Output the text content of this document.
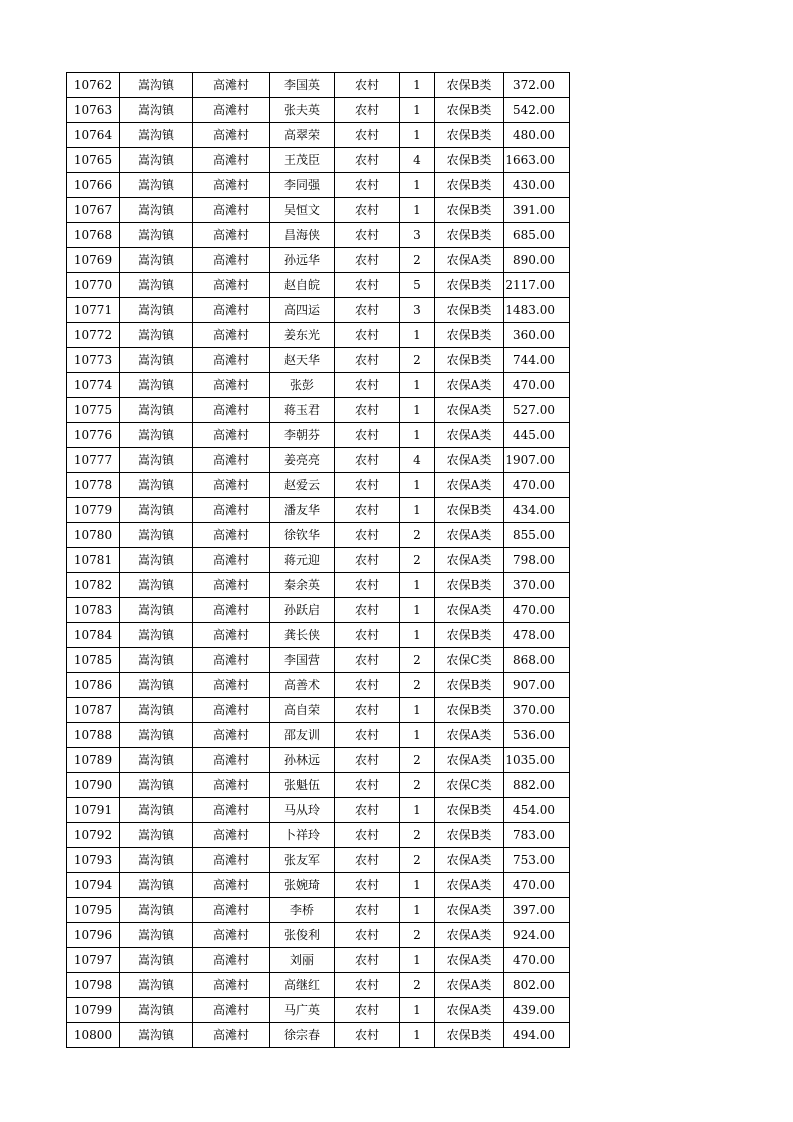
10762	嵩沟镇	高滩村	李国英	农村	1	农保B类	372.00
10763	嵩沟镇	高滩村	张夫英	农村	1	农保B类	542.00
10764	嵩沟镇	高滩村	高翠荣	农村	1	农保B类	480.00
10765	嵩沟镇	高滩村	王茂臣	农村	4	农保B类	1663.00
10766	嵩沟镇	高滩村	李同强	农村	1	农保B类	430.00
10767	嵩沟镇	高滩村	吴恒文	农村	1	农保B类	391.00
10768	嵩沟镇	高滩村	昌海侠	农村	3	农保B类	685.00
10769	嵩沟镇	高滩村	孙远华	农村	2	农保A类	890.00
10770	嵩沟镇	高滩村	赵自皖	农村	5	农保B类	2117.00
10771	嵩沟镇	高滩村	高四运	农村	3	农保B类	1483.00
10772	嵩沟镇	高滩村	姜东光	农村	1	农保B类	360.00
10773	嵩沟镇	高滩村	赵天华	农村	2	农保B类	744.00
10774	嵩沟镇	高滩村	张彭	农村	1	农保A类	470.00
10775	嵩沟镇	高滩村	蒋玉君	农村	1	农保A类	527.00
10776	嵩沟镇	高滩村	李朝芬	农村	1	农保A类	445.00
10777	嵩沟镇	高滩村	姜亮亮	农村	4	农保A类	1907.00
10778	嵩沟镇	高滩村	赵爱云	农村	1	农保A类	470.00
10779	嵩沟镇	高滩村	潘友华	农村	1	农保B类	434.00
10780	嵩沟镇	高滩村	徐钦华	农村	2	农保A类	855.00
10781	嵩沟镇	高滩村	蒋元迎	农村	2	农保A类	798.00
10782	嵩沟镇	高滩村	秦余英	农村	1	农保B类	370.00
10783	嵩沟镇	高滩村	孙跃启	农村	1	农保A类	470.00
10784	嵩沟镇	高滩村	龚长侠	农村	1	农保B类	478.00
10785	嵩沟镇	高滩村	李国营	农村	2	农保C类	868.00
10786	嵩沟镇	高滩村	高善术	农村	2	农保B类	907.00
10787	嵩沟镇	高滩村	高自荣	农村	1	农保B类	370.00
10788	嵩沟镇	高滩村	邵友训	农村	1	农保A类	536.00
10789	嵩沟镇	高滩村	孙林远	农村	2	农保A类	1035.00
10790	嵩沟镇	高滩村	张魁伍	农村	2	农保C类	882.00
10791	嵩沟镇	高滩村	马从玲	农村	1	农保B类	454.00
10792	嵩沟镇	高滩村	卜祥玲	农村	2	农保B类	783.00
10793	嵩沟镇	高滩村	张友军	农村	2	农保A类	753.00
10794	嵩沟镇	高滩村	张婉琦	农村	1	农保A类	470.00
10795	嵩沟镇	高滩村	李桥	农村	1	农保A类	397.00
10796	嵩沟镇	高滩村	张俊利	农村	2	农保A类	924.00
10797	嵩沟镇	高滩村	刘丽	农村	1	农保A类	470.00
10798	嵩沟镇	高滩村	高继红	农村	2	农保A类	802.00
10799	嵩沟镇	高滩村	马广英	农村	1	农保A类	439.00
10800	嵩沟镇	高滩村	徐宗春	农村	1	农保B类	494.00
